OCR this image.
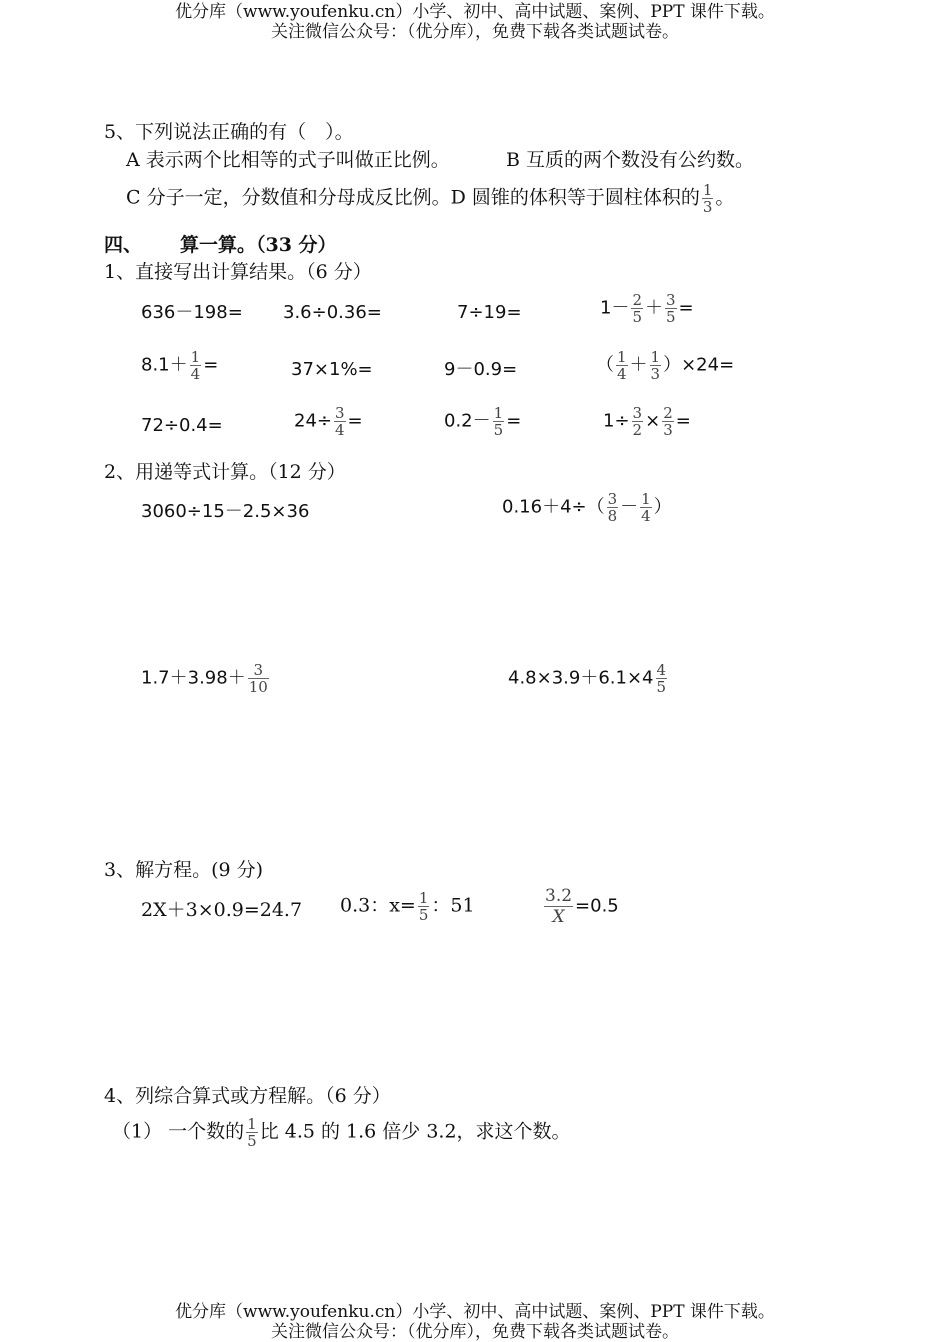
优分库（www.youfenku.cn）小学、初中、高中试题、案例、PPT 课件下载。
关注微信公众号：（优分库），免费下载各类试题试卷。
5、下列说法正确的有（　）。
A 表示两个比相等的式子叫做正比例。	B 互质的两个数没有公约数。
C 分子一定，分数值和分母成反比例。D 圆锥的体积等于圆柱体积的 $\frac{1}{3}$ 。
四、 算一算。（33 分）
1、直接写出计算结果。（6 分）
636－198= 3.6÷0.36=	7÷19=	$1- \frac{2}{5} + \frac{3}{5}$ =
$8.1+ \frac{1}{4}$ =	37×1%=	9－0.9=	（ $\frac{1}{4} + \frac{1}{3} )\times 24=$
72÷0.4=	$24\div \frac{3}{4}$ =	$0.2- \frac{1}{5}$ =	$1\div \frac{3}{2} \times \frac{2}{3}$ =
2、用递等式计算。（12 分）
3060÷15－2.5×36	$0.16+4\div( \frac{3}{8} - \frac{1}{4}$ ）
$1.7+3.98+ \frac{3}{10}$	$4.8\times 3.9+6.1\times 4 \frac{4}{5}$
3、解方程。(9 分)
2X＋3×0.9=24.7 0.3：$x= \frac{1}{5}$ ：51	$\frac{3.2}{X} =0.5$
4、列综合算式或方程解。（6 分）
（1） 一个数的 $\frac{1}{5}$ 比 4.5 的 1.6 倍少 3.2，求这个数。
优分库（www.youfenku.cn）小学、初中、高中试题、案例、PPT 课件下载。
关注微信公众号：（优分库），免费下载各类试题试卷。
